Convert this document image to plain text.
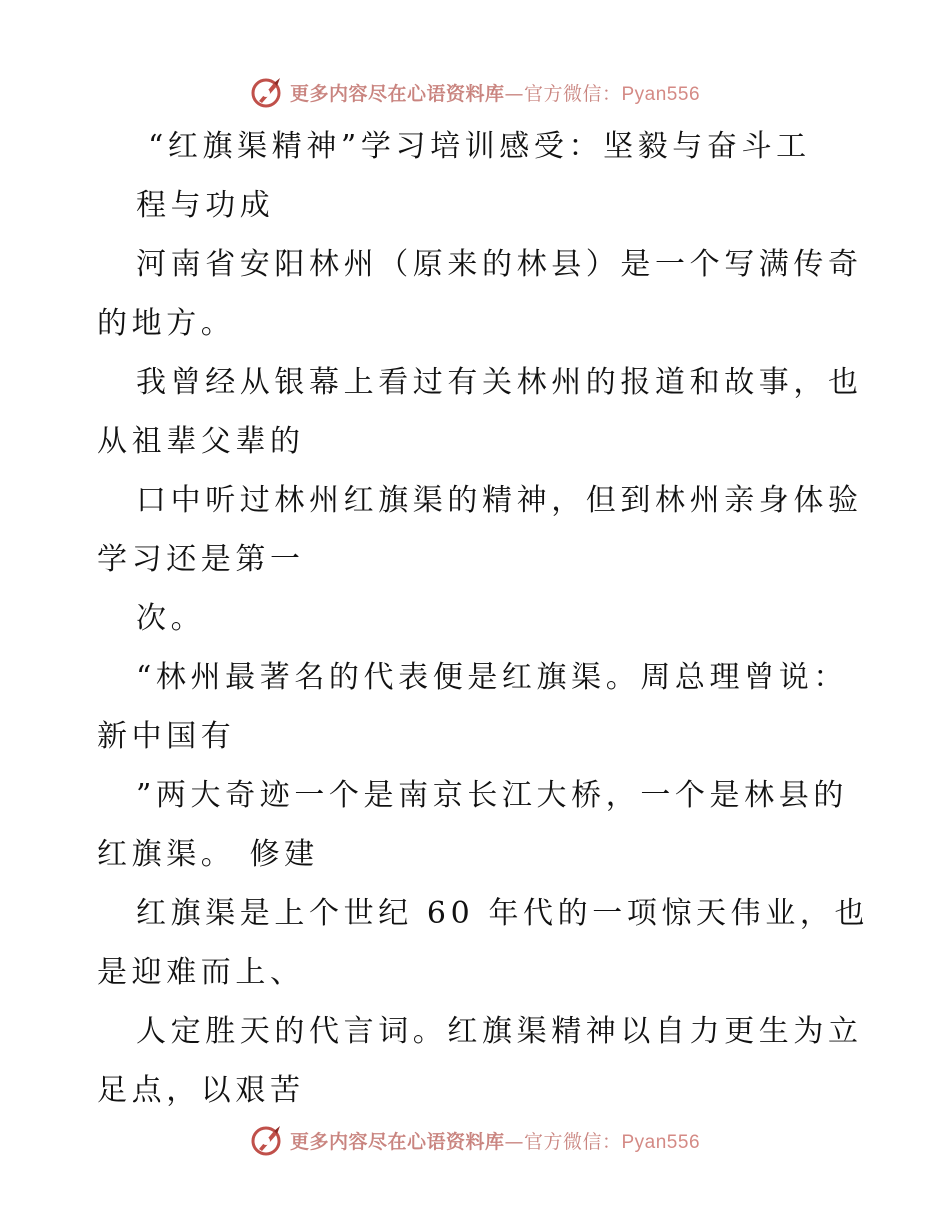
更多内容尽在心语资料库—官方微信：Pyan556
“红旗渠精神”学习培训感受：坚毅与奋斗工
程与功成
河南省安阳林州（原来的林县）是一个写满传奇
的地方。
我曾经从银幕上看过有关林州的报道和故事，也
从祖辈父辈的
口中听过林州红旗渠的精神，但到林州亲身体验
学习还是第一
次。
“林州最著名的代表便是红旗渠。周总理曾说：
新中国有
”两大奇迹一个是南京长江大桥，一个是林县的
红旗渠。 修建
红旗渠是上个世纪 60 年代的一项惊天伟业，也
是迎难而上、
人定胜天的代言词。红旗渠精神以自力更生为立
足点，以艰苦
更多内容尽在心语资料库—官方微信：Pyan556
